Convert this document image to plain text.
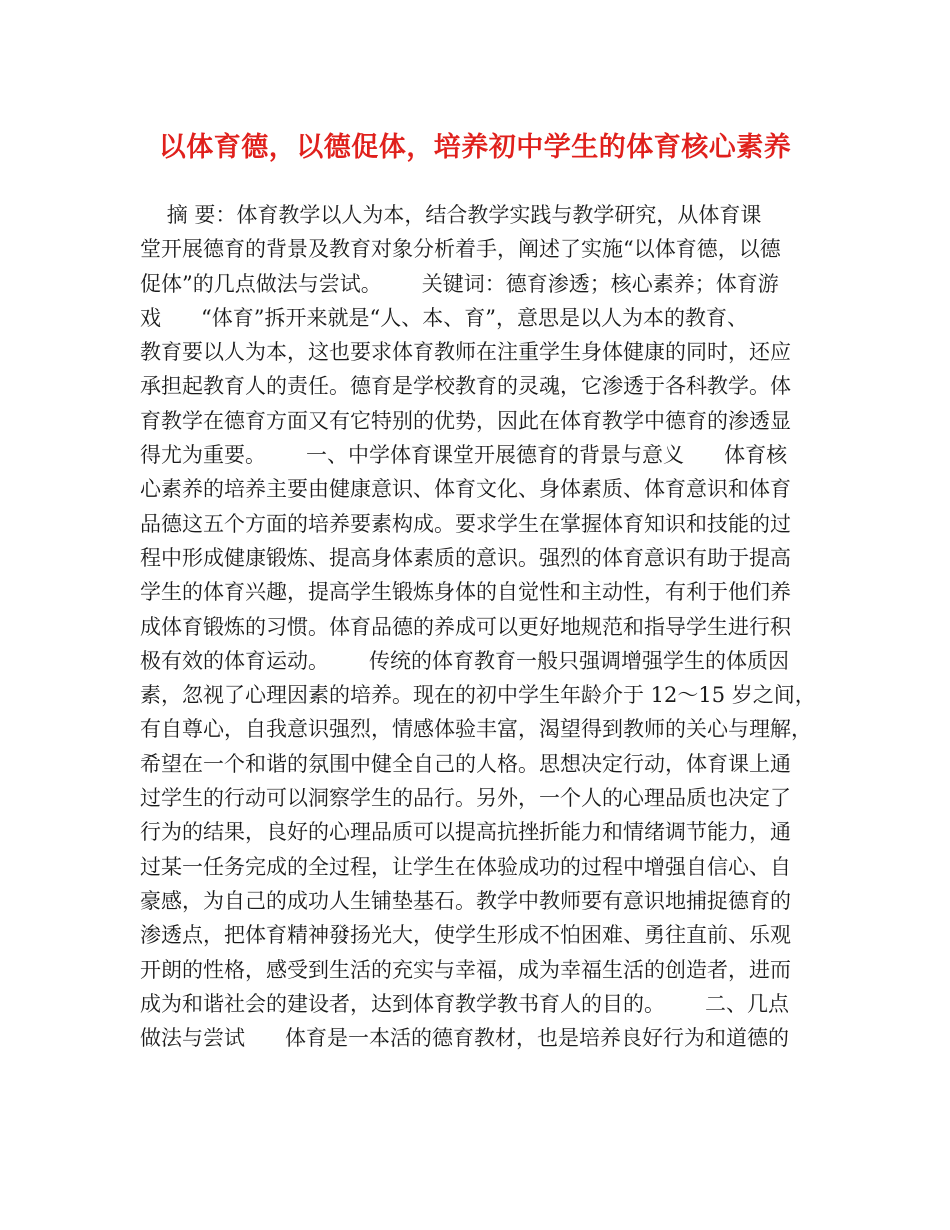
以体育德，以德促体，培养初中学生的体育核心素养
摘 要：体育教学以人为本，结合教学实践与教学研究，从体育课
堂开展德育的背景及教育对象分析着手，阐述了实施“以体育德，以德
促体”的几点做法与尝试。      关键词：德育渗透；核心素养；体育游
戏      “体育”拆开来就是“人、本、育”，意思是以人为本的教育、
教育要以人为本，这也要求体育教师在注重学生身体健康的同时，还应
承担起教育人的责任。德育是学校教育的灵魂，它渗透于各科教学。体
育教学在德育方面又有它特别的优势，因此在体育教学中德育的渗透显
得尤为重要。      一、中学体育课堂开展德育的背景与意义      体育核
心素养的培养主要由健康意识、体育文化、身体素质、体育意识和体育
品德这五个方面的培养要素构成。要求学生在掌握体育知识和技能的过
程中形成健康锻炼、提高身体素质的意识。强烈的体育意识有助于提高
学生的体育兴趣，提高学生锻炼身体的自觉性和主动性，有利于他们养
成体育锻炼的习惯。体育品德的养成可以更好地规范和指导学生进行积
极有效的体育运动。      传统的体育教育一般只强调增强学生的体质因
素，忽视了心理因素的培养。现在的初中学生年龄介于 12～15 岁之间，
有自尊心，自我意识强烈，情感体验丰富，渴望得到教师的关心与理解，
希望在一个和谐的氛围中健全自己的人格。思想决定行动，体育课上通
过学生的行动可以洞察学生的品行。另外，一个人的心理品质也决定了
行为的结果，良好的心理品质可以提高抗挫折能力和情绪调节能力，通
过某一任务完成的全过程，让学生在体验成功的过程中增强自信心、自
豪感，为自己的成功人生铺垫基石。教学中教师要有意识地捕捉德育的
渗透点，把体育精神發扬光大，使学生形成不怕困难、勇往直前、乐观
开朗的性格，感受到生活的充实与幸福，成为幸福生活的创造者，进而
成为和谐社会的建设者，达到体育教学教书育人的目的。      二、几点
做法与尝试      体育是一本活的德育教材，也是培养良好行为和道德的
